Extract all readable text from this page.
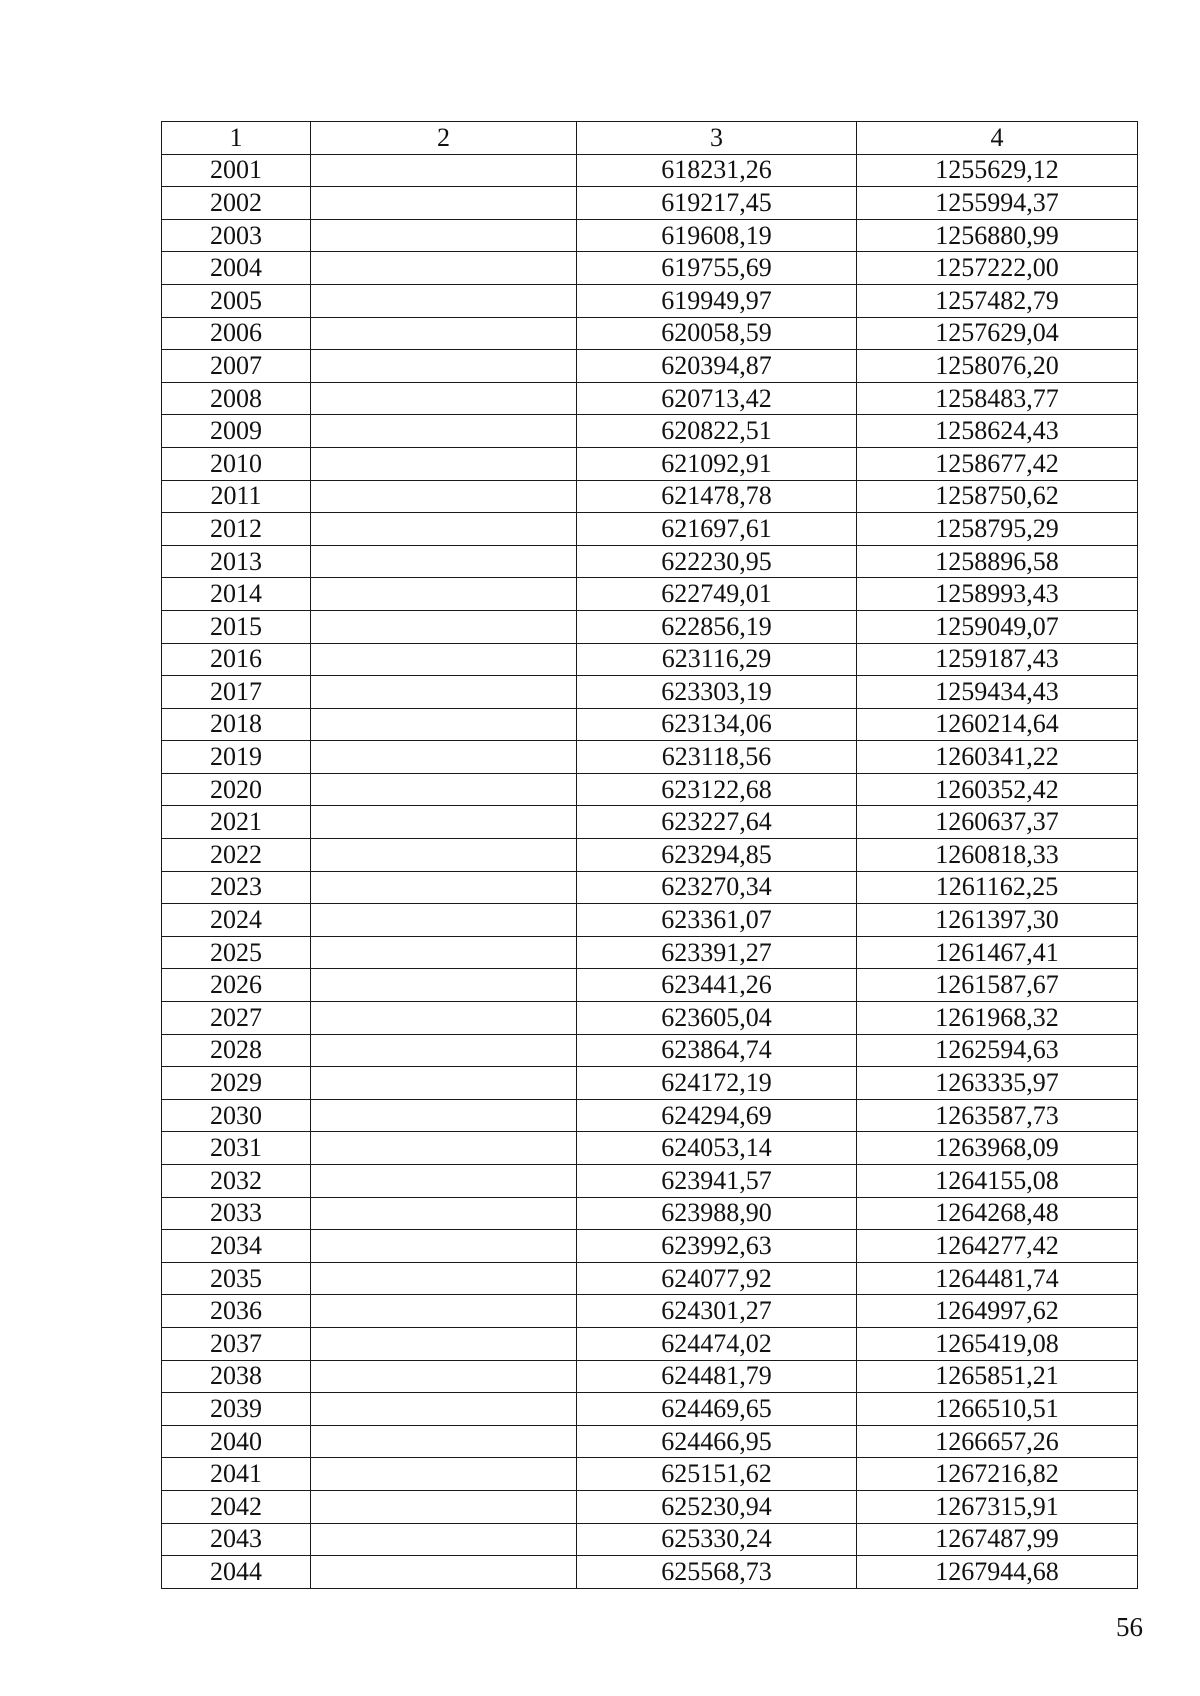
1	2	3	4
2001		618231,26	1255629,12
2002		619217,45	1255994,37
2003		619608,19	1256880,99
2004		619755,69	1257222,00
2005		619949,97	1257482,79
2006		620058,59	1257629,04
2007		620394,87	1258076,20
2008		620713,42	1258483,77
2009		620822,51	1258624,43
2010		621092,91	1258677,42
2011		621478,78	1258750,62
2012		621697,61	1258795,29
2013		622230,95	1258896,58
2014		622749,01	1258993,43
2015		622856,19	1259049,07
2016		623116,29	1259187,43
2017		623303,19	1259434,43
2018		623134,06	1260214,64
2019		623118,56	1260341,22
2020		623122,68	1260352,42
2021		623227,64	1260637,37
2022		623294,85	1260818,33
2023		623270,34	1261162,25
2024		623361,07	1261397,30
2025		623391,27	1261467,41
2026		623441,26	1261587,67
2027		623605,04	1261968,32
2028		623864,74	1262594,63
2029		624172,19	1263335,97
2030		624294,69	1263587,73
2031		624053,14	1263968,09
2032		623941,57	1264155,08
2033		623988,90	1264268,48
2034		623992,63	1264277,42
2035		624077,92	1264481,74
2036		624301,27	1264997,62
2037		624474,02	1265419,08
2038		624481,79	1265851,21
2039		624469,65	1266510,51
2040		624466,95	1266657,26
2041		625151,62	1267216,82
2042		625230,94	1267315,91
2043		625330,24	1267487,99
2044		625568,73	1267944,68
56
